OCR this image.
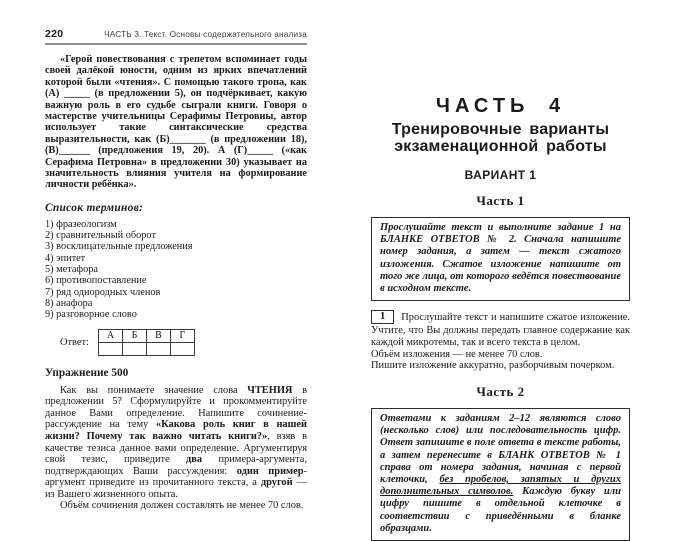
220	ЧАСТЬ 3. Текст. Основы содержательного анализа

«Герой повествования с трепетом вспоминает годы своей далёкой юности, одним из ярких впечатлений которой были «чтения». С помощью такого тропа, как (А) _____ (в предложении 5), он подчёркивает, какую важную роль в его судьбе сыграли книги. Говоря о мастерстве учительницы Серафимы Петровны, автор использует такие синтаксические средства выразительности, как (Б)_______ (в предложении 18), (В)______ (предложения 19, 20). А (Г)_____ («как Серафима Петровна» в предложении 30) указывает на значительность влияния учителя на формирование личности ребёнка».

Список терминов:

1) фразеологизм
2) сравнительный оборот
3) восклицательные предложения
4) эпитет
5) метафора
6) противопоставление
7) ряд однородных членов
8) анафора
9) разговорное слово
Ответ:
А	Б	В	Г

Упражнение 500

Как вы понимаете значение слова ЧТЕНИЯ в предложении 5? Сформулируйте и прокомментируйте данное Вами определение. Напишите сочинение-рассуждение на тему «Какова роль книг в нашей жизни? Почему так важно читать книги?», взяв в качестве тезиса данное вами определение. Аргументируя свой тезис, приведите два примера-аргумента, подтверждающих Ваши рассуждения: один пример-аргумент приведите из прочитанного текста, а другой — из Вашего жизненного опыта.

Объём сочинения должен составлять не менее 70 слов.

ЧАСТЬ 4
Тренировочные варианты
экзаменационной работы
ВАРИАНТ 1
Часть 1
Прослушайте текст и выполните задание 1 на БЛАНКЕ ОТВЕТОВ № 2. Сначала напишите номер задания, а затем — текст сжатого изложения. Сжатое изложение напишите от того же лица, от которого ведётся повествование в исходном тексте.

1 Прослушайте текст и напишите сжатое изложение. Учтите, что Вы должны передать главное содержание как каждой микротемы, так и всего текста в целом.

Объём изложения — не менее 70 слов.

Пишите изложение аккуратно, разборчивым почерком.

Часть 2
Ответами к заданиям 2–12 являются слово (несколько слов) или последовательность цифр. Ответ запишите в поле ответа в тексте работы, а затем перенесите в БЛАНК ОТВЕТОВ № 1 справа от номера задания, начиная с первой клеточки, без пробелов, запятых и других дополнительных символов. Каждую букву или цифру пишите в отдельной клеточке в соответствии с приведёнными в бланке образцами.
